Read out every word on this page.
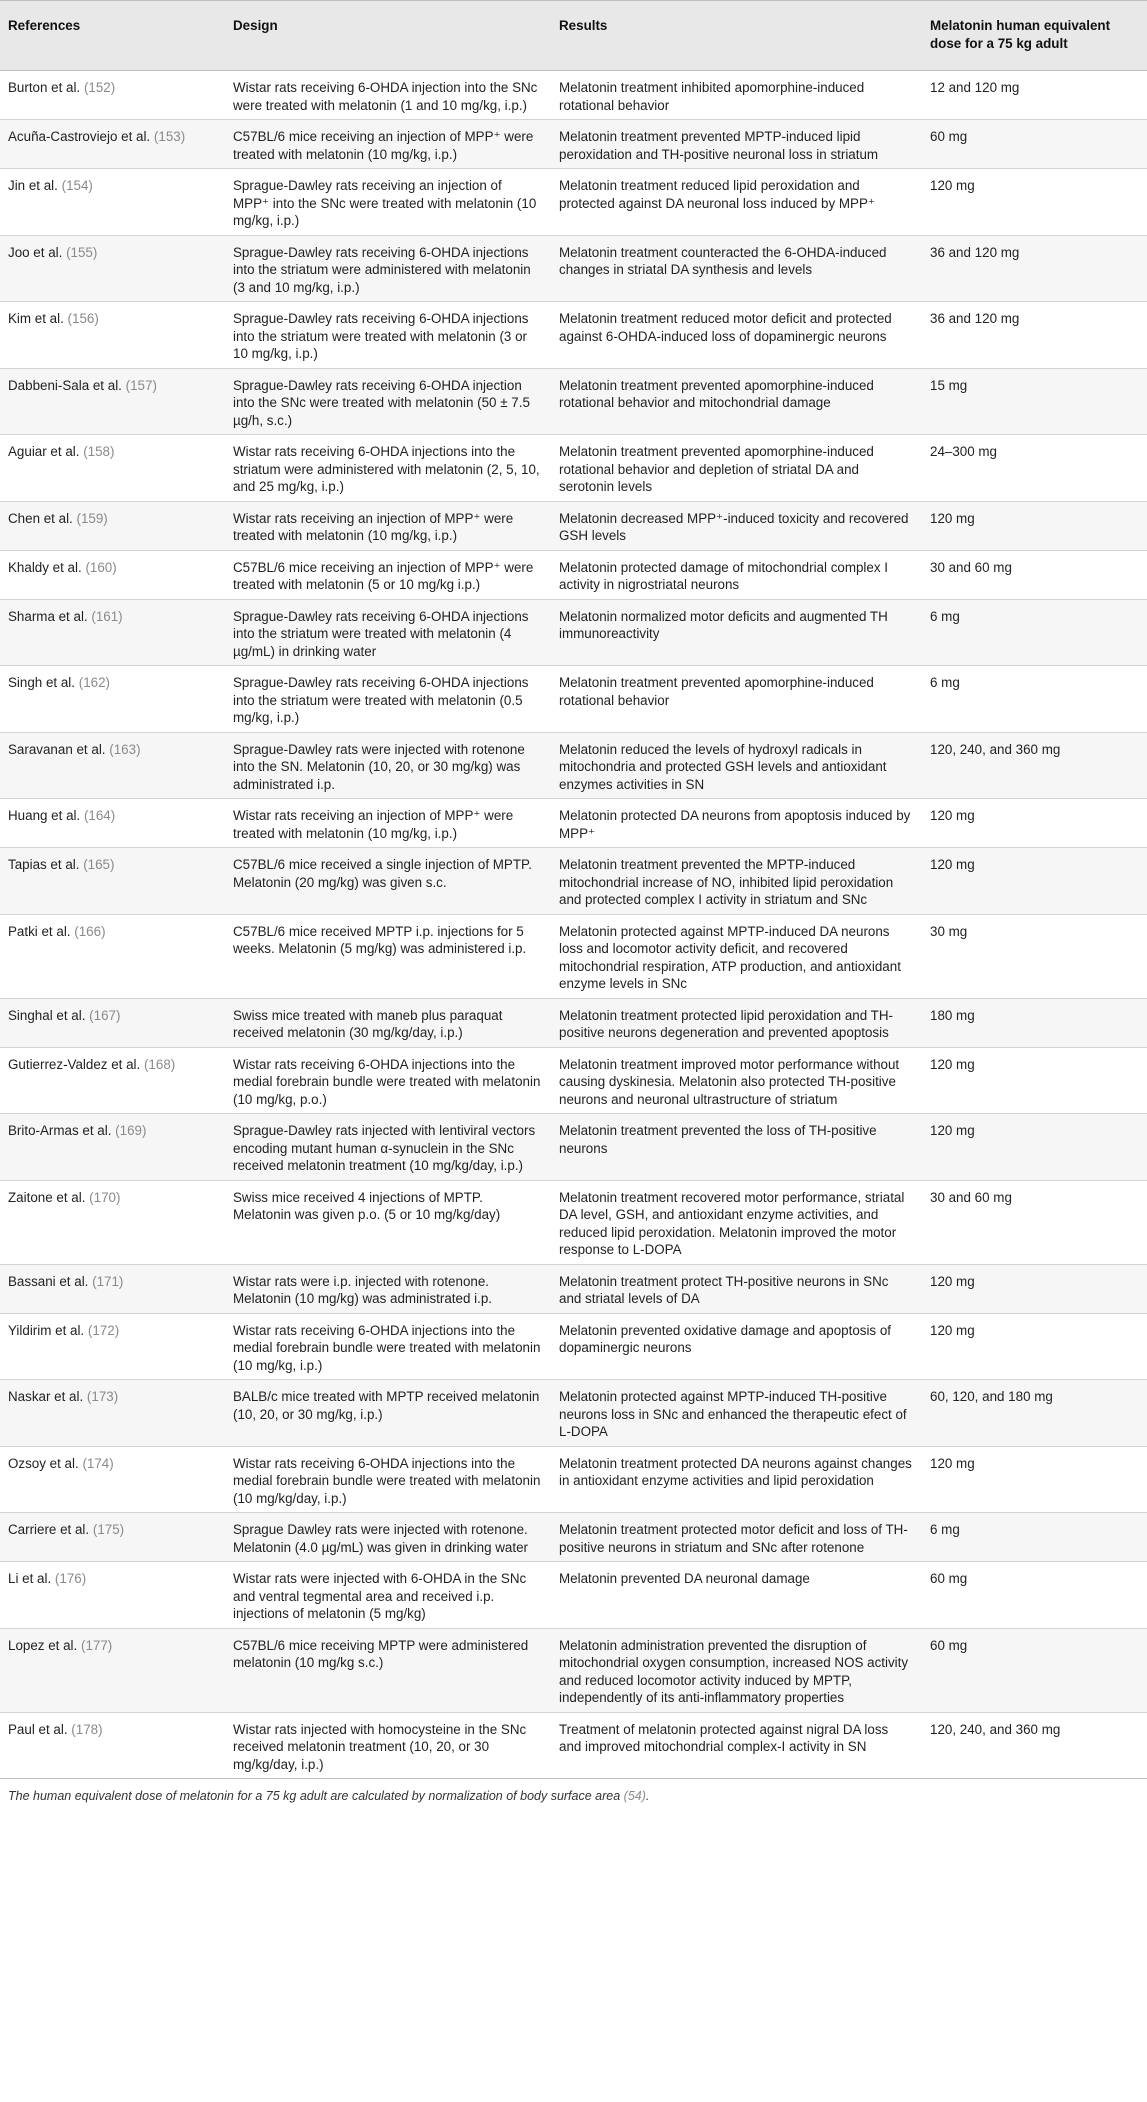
References	Design	Results	Melatonin human equivalent dose for a 75 kg adult
Burton et al. (152)	Wistar rats receiving 6-OHDA injection into the SNc were treated with melatonin (1 and 10 mg/kg, i.p.)	Melatonin treatment inhibited apomorphine-induced rotational behavior	12 and 120 mg
Acuña-Castroviejo et al. (153)	C57BL/6 mice receiving an injection of MPP⁺ were treated with melatonin (10 mg/kg, i.p.)	Melatonin treatment prevented MPTP-induced lipid peroxidation and TH-positive neuronal loss in striatum	60 mg
Jin et al. (154)	Sprague-Dawley rats receiving an injection of MPP⁺ into the SNc were treated with melatonin (10 mg/kg, i.p.)	Melatonin treatment reduced lipid peroxidation and protected against DA neuronal loss induced by MPP⁺	120 mg
Joo et al. (155)	Sprague-Dawley rats receiving 6-OHDA injections into the striatum were administered with melatonin (3 and 10 mg/kg, i.p.)	Melatonin treatment counteracted the 6-OHDA-induced changes in striatal DA synthesis and levels	36 and 120 mg
Kim et al. (156)	Sprague-Dawley rats receiving 6-OHDA injections into the striatum were treated with melatonin (3 or 10 mg/kg, i.p.)	Melatonin treatment reduced motor deficit and protected against 6-OHDA-induced loss of dopaminergic neurons	36 and 120 mg
Dabbeni-Sala et al. (157)	Sprague-Dawley rats receiving 6-OHDA injection into the SNc were treated with melatonin (50 ± 7.5 µg/h, s.c.)	Melatonin treatment prevented apomorphine-induced rotational behavior and mitochondrial damage	15 mg
Aguiar et al. (158)	Wistar rats receiving 6-OHDA injections into the striatum were administered with melatonin (2, 5, 10, and 25 mg/kg, i.p.)	Melatonin treatment prevented apomorphine-induced rotational behavior and depletion of striatal DA and serotonin levels	24–300 mg
Chen et al. (159)	Wistar rats receiving an injection of MPP⁺ were treated with melatonin (10 mg/kg, i.p.)	Melatonin decreased MPP⁺-induced toxicity and recovered GSH levels	120 mg
Khaldy et al. (160)	C57BL/6 mice receiving an injection of MPP⁺ were treated with melatonin (5 or 10 mg/kg i.p.)	Melatonin protected damage of mitochondrial complex I activity in nigrostriatal neurons	30 and 60 mg
Sharma et al. (161)	Sprague-Dawley rats receiving 6-OHDA injections into the striatum were treated with melatonin (4 µg/mL) in drinking water	Melatonin normalized motor deficits and augmented TH immunoreactivity	6 mg
Singh et al. (162)	Sprague-Dawley rats receiving 6-OHDA injections into the striatum were treated with melatonin (0.5 mg/kg, i.p.)	Melatonin treatment prevented apomorphine-induced rotational behavior	6 mg
Saravanan et al. (163)	Sprague-Dawley rats were injected with rotenone into the SN. Melatonin (10, 20, or 30 mg/kg) was administrated i.p.	Melatonin reduced the levels of hydroxyl radicals in mitochondria and protected GSH levels and antioxidant enzymes activities in SN	120, 240, and 360 mg
Huang et al. (164)	Wistar rats receiving an injection of MPP⁺ were treated with melatonin (10 mg/kg, i.p.)	Melatonin protected DA neurons from apoptosis induced by MPP⁺	120 mg
Tapias et al. (165)	C57BL/6 mice received a single injection of MPTP. Melatonin (20 mg/kg) was given s.c.	Melatonin treatment prevented the MPTP-induced mitochondrial increase of NO, inhibited lipid peroxidation and protected complex I activity in striatum and SNc	120 mg
Patki et al. (166)	C57BL/6 mice received MPTP i.p. injections for 5 weeks. Melatonin (5 mg/kg) was administered i.p.	Melatonin protected against MPTP-induced DA neurons loss and locomotor activity deficit, and recovered mitochondrial respiration, ATP production, and antioxidant enzyme levels in SNc	30 mg
Singhal et al. (167)	Swiss mice treated with maneb plus paraquat received melatonin (30 mg/kg/day, i.p.)	Melatonin treatment protected lipid peroxidation and TH-positive neurons degeneration and prevented apoptosis	180 mg
Gutierrez-Valdez et al. (168)	Wistar rats receiving 6-OHDA injections into the medial forebrain bundle were treated with melatonin (10 mg/kg, p.o.)	Melatonin treatment improved motor performance without causing dyskinesia. Melatonin also protected TH-positive neurons and neuronal ultrastructure of striatum	120 mg
Brito-Armas et al. (169)	Sprague-Dawley rats injected with lentiviral vectors encoding mutant human α-synuclein in the SNc received melatonin treatment (10 mg/kg/day, i.p.)	Melatonin treatment prevented the loss of TH-positive neurons	120 mg
Zaitone et al. (170)	Swiss mice received 4 injections of MPTP. Melatonin was given p.o. (5 or 10 mg/kg/day)	Melatonin treatment recovered motor performance, striatal DA level, GSH, and antioxidant enzyme activities, and reduced lipid peroxidation. Melatonin improved the motor response to L-DOPA	30 and 60 mg
Bassani et al. (171)	Wistar rats were i.p. injected with rotenone. Melatonin (10 mg/kg) was administrated i.p.	Melatonin treatment protect TH-positive neurons in SNc and striatal levels of DA	120 mg
Yildirim et al. (172)	Wistar rats receiving 6-OHDA injections into the medial forebrain bundle were treated with melatonin (10 mg/kg, i.p.)	Melatonin prevented oxidative damage and apoptosis of dopaminergic neurons	120 mg
Naskar et al. (173)	BALB/c mice treated with MPTP received melatonin (10, 20, or 30 mg/kg, i.p.)	Melatonin protected against MPTP-induced TH-positive neurons loss in SNc and enhanced the therapeutic efect of L-DOPA	60, 120, and 180 mg
Ozsoy et al. (174)	Wistar rats receiving 6-OHDA injections into the medial forebrain bundle were treated with melatonin (10 mg/kg/day, i.p.)	Melatonin treatment protected DA neurons against changes in antioxidant enzyme activities and lipid peroxidation	120 mg
Carriere et al. (175)	Sprague Dawley rats were injected with rotenone. Melatonin (4.0 µg/mL) was given in drinking water	Melatonin treatment protected motor deficit and loss of TH-positive neurons in striatum and SNc after rotenone	6 mg
Li et al. (176)	Wistar rats were injected with 6-OHDA in the SNc and ventral tegmental area and received i.p. injections of melatonin (5 mg/kg)	Melatonin prevented DA neuronal damage	60 mg
Lopez et al. (177)	C57BL/6 mice receiving MPTP were administered melatonin (10 mg/kg s.c.)	Melatonin administration prevented the disruption of mitochondrial oxygen consumption, increased NOS activity and reduced locomotor activity induced by MPTP, independently of its anti-inflammatory properties	60 mg
Paul et al. (178)	Wistar rats injected with homocysteine in the SNc received melatonin treatment (10, 20, or 30 mg/kg/day, i.p.)	Treatment of melatonin protected against nigral DA loss and improved mitochondrial complex-I activity in SN	120, 240, and 360 mg
The human equivalent dose of melatonin for a 75 kg adult are calculated by normalization of body surface area (54).
